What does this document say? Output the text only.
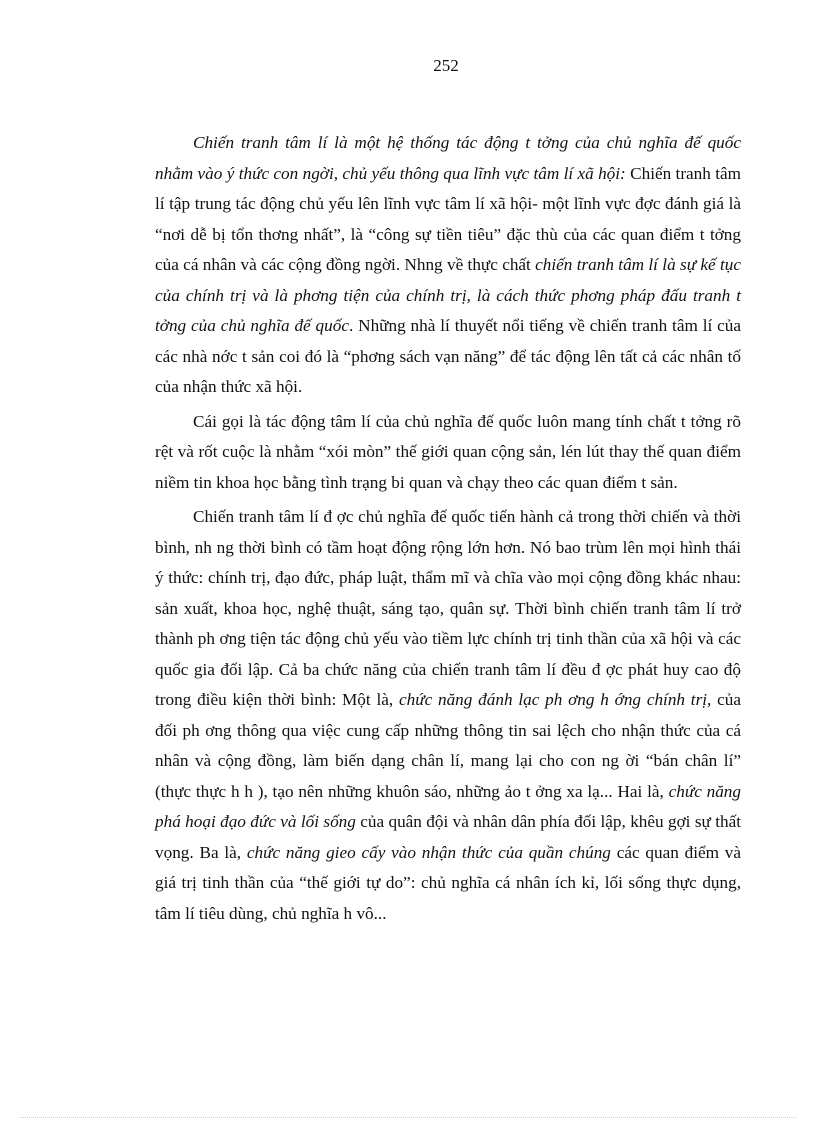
252

Chiến tranh tâm lí là một hệ thống tác động t tởng của chủ nghĩa đế quốc nhằm vào ý thức con ngời, chủ yếu thông qua lĩnh vực tâm lí xã hội: Chiến tranh tâm lí tập trung tác động chủ yếu lên lĩnh vực tâm lí xã hội- một lĩnh vực đợc đánh giá là “nơi dễ bị tổn thơng nhất”, là “công sự tiền tiêu” đặc thù của các quan điểm t tởng của cá nhân và các cộng đồng ngời. Nhng về thực chất chiến tranh tâm lí là sự kế tục của chính trị và là phơng tiện của chính trị, là cách thức phơng pháp đấu tranh t tởng của chủ nghĩa đế quốc. Những nhà lí thuyết nổi tiếng về chiến tranh tâm lí của các nhà nớc t sản coi đó là “phơng sách vạn năng” để tác động lên tất cả các nhân tố của nhận thức xã hội.

Cái gọi là tác động tâm lí của chủ nghĩa đế quốc luôn mang tính chất t tởng rõ rệt và rốt cuộc là nhằm “xói mòn” thế giới quan cộng sản, lén lút thay thế quan điểm niềm tin khoa học bằng tình trạng bi quan và chạy theo các quan điểm t sản.

Chiến tranh tâm lí đ ợc chủ nghĩa đế quốc tiến hành cả trong thời chiến và thời bình, nh ng thời bình có tầm hoạt động rộng lớn hơn. Nó bao trùm lên mọi hình thái ý thức: chính trị, đạo đức, pháp luật, thẩm mĩ và chĩa vào mọi cộng đồng khác nhau: sản xuất, khoa học, nghệ thuật, sáng tạo, quân sự. Thời bình chiến tranh tâm lí trở thành ph ơng tiện tác động chủ yếu vào tiềm lực chính trị tinh thần của xã hội và các quốc gia đối lập. Cả ba chức năng của chiến tranh tâm lí đều đ ợc phát huy cao độ trong điều kiện thời bình: Một là, chức năng đánh lạc ph ơng h ớng chính trị, của đối ph ơng thông qua việc cung cấp những thông tin sai lệch cho nhận thức của cá nhân và cộng đồng, làm biến dạng chân lí, mang lại cho con ng ời “bán chân lí” (thực thực h h ), tạo nên những khuôn sáo, những ảo t ởng xa lạ... Hai là, chức năng phá hoại đạo đức và lối sống của quân đội và nhân dân phía đối lập, khêu gợi sự thất vọng. Ba là, chức năng gieo cấy vào nhận thức của quần chúng các quan điểm và giá trị tinh thần của “thế giới tự do”: chủ nghĩa cá nhân ích kỉ, lối sống thực dụng, tâm lí tiêu dùng, chủ nghĩa h vô...
